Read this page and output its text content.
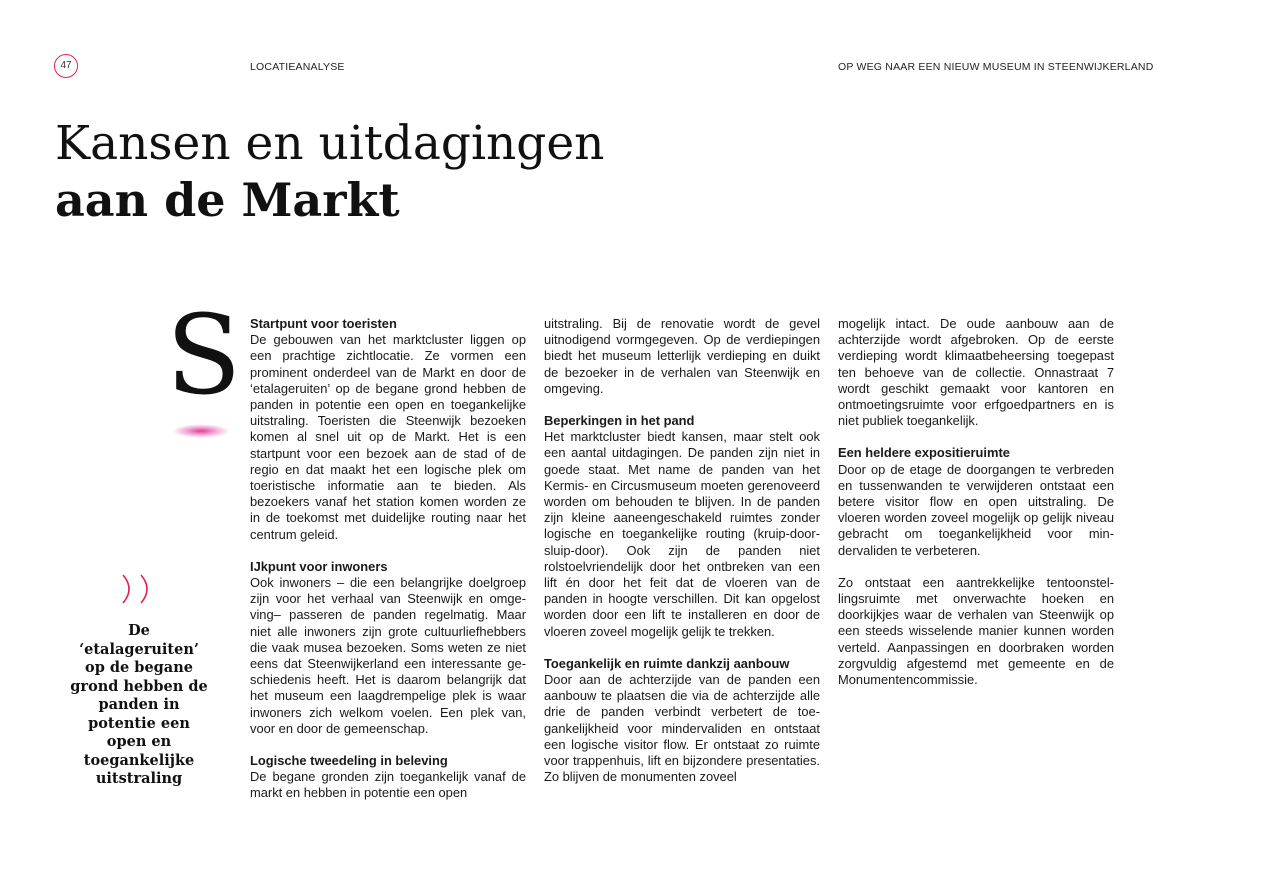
47	LOCATIEANALYSE	OP WEG NAAR EEN NIEUW MUSEUM IN STEENWIJKERLAND
Kansen en uitdagingen
aan de Markt
S
De ‘etalageruiten’ op de begane grond hebben de panden in potentie een open en toegankelijke uitstraling
Startpunt voor toeristen

De gebouwen van het marktcluster liggen op een prachtige zichtlocatie. Ze vormen een prominent onderdeel van de Markt en door de ‘etalageruiten’ op de begane grond hebben de panden in potentie een open en toegankelijke uitstraling. Toeristen die Steenwijk bezoeken komen al snel uit op de Markt. Het is een startpunt voor een bezoek aan de stad of de regio en dat maakt het een logische plek om toeristische informatie aan te bieden. Als bezoekers vanaf het station komen worden ze in de toekomst met duidelijke routing naar het centrum geleid.

IJkpunt voor inwoners

Ook inwoners – die een belangrijke doelgroep zijn voor het verhaal van Steenwijk en omgeving– passeren de panden regelmatig. Maar niet alle inwoners zijn grote cultuurliefhebbers die vaak musea bezoeken. Soms weten ze niet eens dat Steenwijkerland een interessante geschiedenis heeft. Het is daarom belangrijk dat het museum een laagdrempelige plek is waar inwoners zich welkom voelen. Een plek van, voor en door de gemeenschap.

Logische tweedeling in beleving

De begane gronden zijn toegankelijk vanaf de markt en hebben in potentie een open

uitstraling. Bij de renovatie wordt de gevel uitnodigend vormgegeven. Op de verdiepingen biedt het museum letterlijk verdieping en duikt de bezoeker in de verhalen van Steenwijk en omgeving.

Beperkingen in het pand

Het marktcluster biedt kansen, maar stelt ook een aantal uitdagingen. De panden zijn niet in goede staat. Met name de panden van het Kermis- en Circusmuseum moeten gerenoveerd worden om behouden te blijven. In de panden zijn kleine aaneengeschakeld ruimtes zonder logische en toegankelijke routing (kruip-door-sluip-door). Ook zijn de panden niet rolstoelvriendelijk door het ontbreken van een lift én door het feit dat de vloeren van de panden in hoogte verschillen. Dit kan opgelost worden door een lift te installeren en door de vloeren zoveel mogelijk gelijk te trekken.

Toegankelijk en ruimte dankzij aanbouw

Door aan de achterzijde van de panden een aanbouw te plaatsen die via de achterzijde alle drie de panden verbindt verbetert de toegankelijkheid voor mindervaliden en ontstaat een logische visitor flow. Er ontstaat zo ruimte voor trappenhuis, lift en bijzondere presentaties. Zo blijven de monumenten zoveel

mogelijk intact. De oude aanbouw aan de achterzijde wordt afgebroken. Op de eerste verdieping wordt klimaatbeheersing toegepast ten behoeve van de collectie. Onnastraat 7 wordt geschikt gemaakt voor kantoren en ontmoetingsruimte voor erfgoedpartners en is niet publiek toegankelijk.

Een heldere expositieruimte

Door op de etage de doorgangen te verbreden en tussenwanden te verwijderen ontstaat een betere visitor flow en open uitstraling. De vloeren worden zoveel mogelijk op gelijk niveau gebracht om toegankelijkheid voor mindervaliden te verbeteren.

Zo ontstaat een aantrekkelijke tentoonstellingsruimte met onverwachte hoeken en doorkijkjes waar de verhalen van Steenwijk op een steeds wisselende manier kunnen worden verteld. Aanpassingen en doorbraken worden zorgvuldig afgestemd met gemeente en de Monumentencommissie.
